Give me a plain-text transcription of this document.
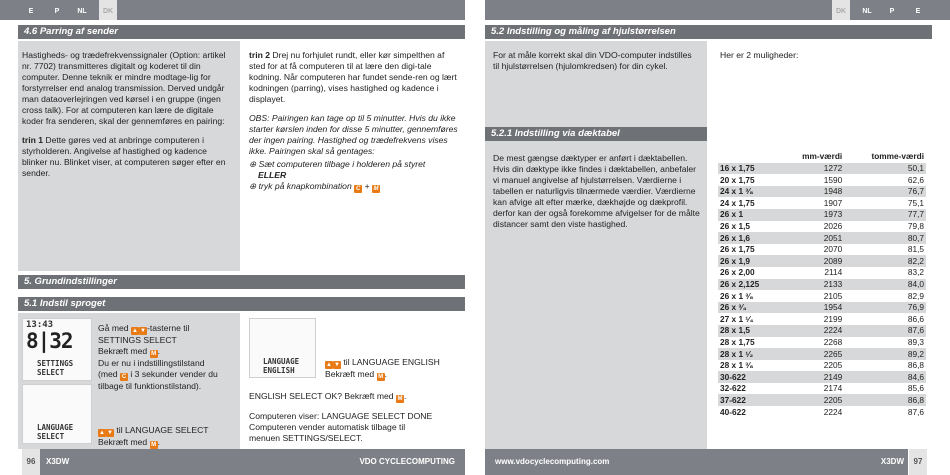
E	P	NL	DK	DK	NL	P	E
4.6 Parring af sender

Hastigheds- og trædefrekvenssignaler (Option: artikel nr. 7702) transmitteres digitalt og koderet til din computer. Denne teknik er mindre modtage-lig for forstyrrelser end analog transmission. Derved undgår man dataoverlejringen ved kørsel i en gruppe (ingen cross talk). For at computeren kan lære de digitale koder fra senderen, skal der gennemføres en pairing:

trin 1 Dette gøres ved at anbringe computeren i styrholderen. Angivelse af hastighed og kadence blinker nu. Blinket viser, at computeren søger efter en sender.

trin 2 Drej nu forhjulet rundt, eller kør simpelthen af sted for at få computeren til at lære den digi-tale kodning. Når computeren har fundet sende-ren og lært kodningen (parring), vises hastighed og kadence i displayet.

OBS: Pairingen kan tage op til 5 minutter. Hvis du ikke starter kørslen inden for disse 5 minutter, gennemføres der ingen pairing. Hastighed og trædefrekvens vises ikke. Pairingen skal så gentages:

⊕ Sæt computeren tilbage i holderen på styret
ELLER
⊕ tryk på knapkombination C + M
5. Grundindstillinger
5.1 Indstil sproget
13:43
8|32
SETTINGS
SELECT
LANGUAGE
SELECT
Gå med ▲ ▼-tasterne til
SETTINGS SELECT
Bekræft med M .
Du er nu i indstillingstilstand
(med C i 3 sekunder vender du
tilbage til funktionstilstand).
▲ ▼ til LANGUAGE SELECT
Bekræft med M .
LANGUAGE
ENGLISH
▲ ▼ til LANGUAGE ENGLISH
Bekræft med M .
ENGLISH SELECT OK? Bekræft med M .
Computeren viser: LANGUAGE SELECT DONE
Computeren vender automatisk tilbage til
menuen SETTINGS/SELECT.
96	X3DW	VDO CYCLECOMPUTING
5.2 Indstilling og måling af hjulstørrelsen
For at måle korrekt skal din VDO-computer indstilles til hjulstørrelsen (hjulomkredsen) for din cykel.
Her er 2 muligheder:
5.2.1 Indstilling via dæktabel
De mest gængse dæktyper er anført i dæktabellen. Hvis din dæktype ikke findes i dæktabellen, anbefaler vi manuel angivelse af hjulstørrelsen. Værdierne i tabellen er naturligvis tilnærmede værdier. Værdierne kan afvige alt efter mærke, dækhøjde og dækprofil. derfor kan der også forekomme afvigelser for de målte distancer samt den viste hastighed.
	mm-værdi	tomme-værdi
16 x 1,75	1272	50,1
20 x 1,75	1590	62,6
24 x 1 ³⁄₈	1948	76,7
24 x 1,75	1907	75,1
26 x 1	1973	77,7
26 x 1,5	2026	79,8
26 x 1,6	2051	80,7
26 x 1,75	2070	81,5
26 x 1,9	2089	82,2
26 x 2,00	2114	83,2
26 x 2,125	2133	84,0
26 x 1 ³⁄₈	2105	82,9
26 x ³⁄₄	1954	76,9
27 x 1 ¹⁄₄	2199	86,6
28 x 1,5	2224	87,6
28 x 1,75	2268	89,3
28 x 1 ¹⁄₂	2265	89,2
28 x 1 ³⁄₈	2205	86,8
30-622	2149	84,6
32-622	2174	85,6
37-622	2205	86,8
40-622	2224	87,6
www.vdocyclecomputing.com	X3DW	97
